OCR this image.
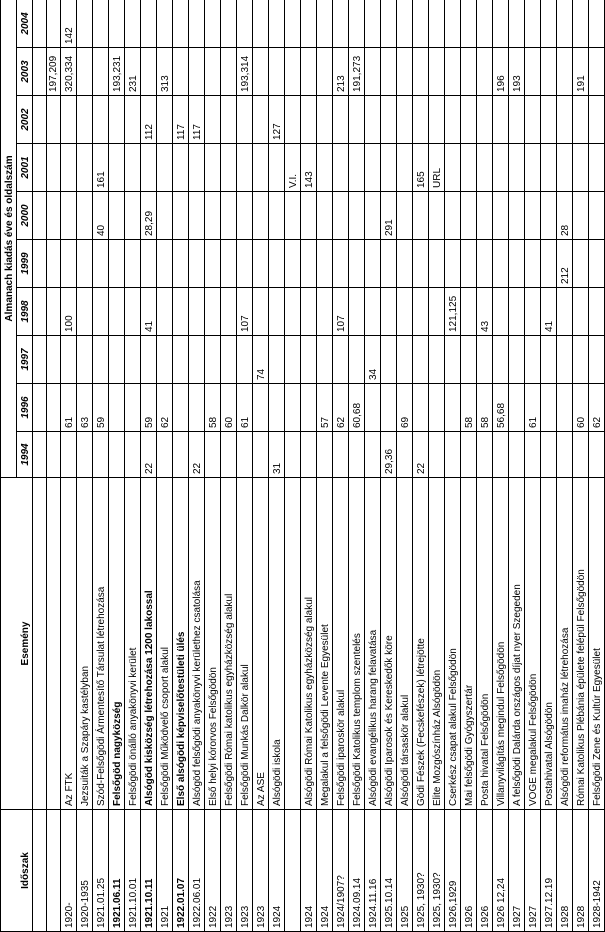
Időszak	Esemény	Almanach kiadás éve és oldalszám									
		1994	1996	1997	1998	1999	2000	2001	2002	2003	2004

										197,209	
1920-	Az FTK		61		100					320,334	142
1920-1935	Jezsuiták a Szapáry kastélyban		63								
1921.01.25	Szód-Felsőgödi Ármentesítő Társulat létrehozása		59				40	161			
1921.06.11	Felsőgöd nagyközség									193,231	
1921.10.01	Felsőgödi önálló anyakönyvi kerület									231	
1921.10.11	Alsógöd kisközség létrehozása 1200 lakossal	22	59		41		28,29		112		
1921	Felsőgödi Működvelő csoport alakul		62							313	
1922.01.07	Első alsógödi képviselőtestületi ülés								117		
1922.06.01	Alsógöd felsőgödi anyakönyvi kerülethez csatolása	22							117		
1922	Első helyi kórorvos Felsőgödön		58								
1923	Felsőgödi Római katolikus egyházközség alakul		60								
1923	Felsőgödi Munkás Dalkör alakul		61		107					193,314	
1923	Az ASE			74							
1924	Alsógödi iskola	31							127		
								V.I.			
1924	Alsógödi Római Katolikus egyházközség alakul							143			
1924	Megalakul a felsőgödi Levente Egyesület		57								
1924/1907?	Felsőgödi iparoskör alakul		62		107					213	
1924.09.14	Felsőgödi Katolikus templom szentelés		60,68							191,273	
1924.11.16	Alsógödi evangélikus harang felavatása			34							
1925.10.14	Alsógödi Iparosok és Kereskedők köre	29,36					291				
1925	Alsógödi társaskör alakul		69								
1925, 1930?	Gödi Fészek (Fecskefészek) létrejötte	22						165			
1925, 1930?	Elite Mozgószínház Alsógödön							URL			
1926,1929	Cserkész csapat alakul Felsőgödön				121,125						
1926	Mai felsőgödi Gyógyszertár		58								
1926	Posta hivatal Felsőgödön		58		43						
1926 12,24	Villanyvilágítás megindul Felsőgödön		56,68							196	
1927	A felsőgödi Dalárda országos díjat nyer Szegeden									193	
1927	VOGE megalakul Felsőgödön		61								
1927.12.19	Postahivatal Alsógödön				41						
1928	Alsógödi református imaház létrehozása					212	28				
1928	Római Katolikus Plébánia épülete felépül Felsőgödön		60							191	
1928-1942	Felsőgödi Zene és Kultúr Egyesület		62								
